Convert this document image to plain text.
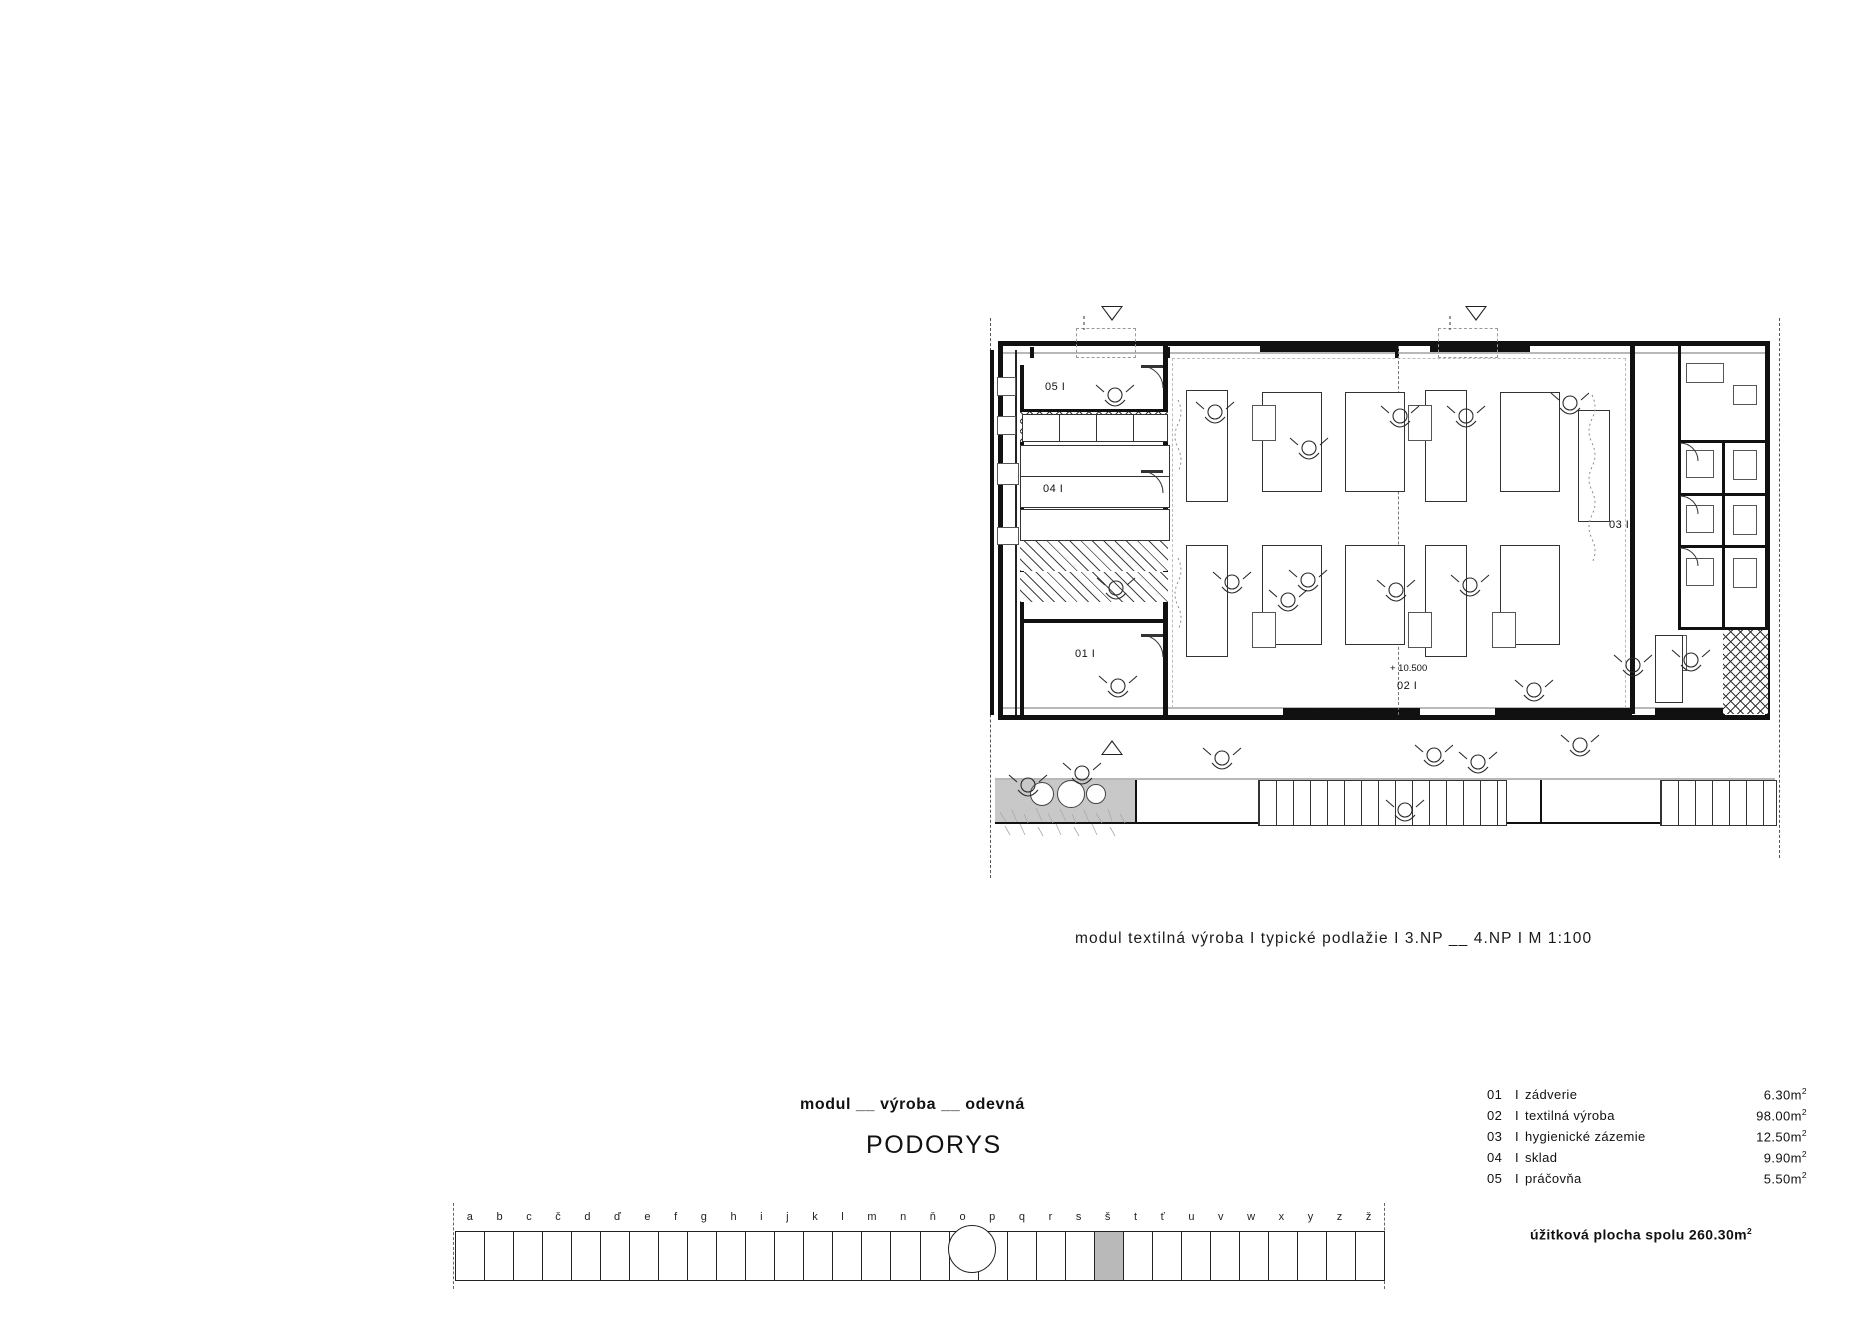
05 I
04 I
01 I
02 I
03 I
+ 10.500
modul textilná výroba I typické podlažie I 3.NP __ 4.NP I M 1:100
modul __ výroba __ odevná
PODORYS
01 I zádverie	$6.30m^2$
02 I textilná výroba	$98.00m^2$
03 I hygienické zázemie	$12.50m^2$
04 I sklad	$9.90m^2$
05 I práčovňa	$5.50m^2$
úžitková plocha spolu $260.30m^2$
a	b	c	č	d	ď	e	f	g	h	i	j	k	l	m	n	ň	o	p	q	r	s	š	t	ť	u	v	w	x	y	z	ž
